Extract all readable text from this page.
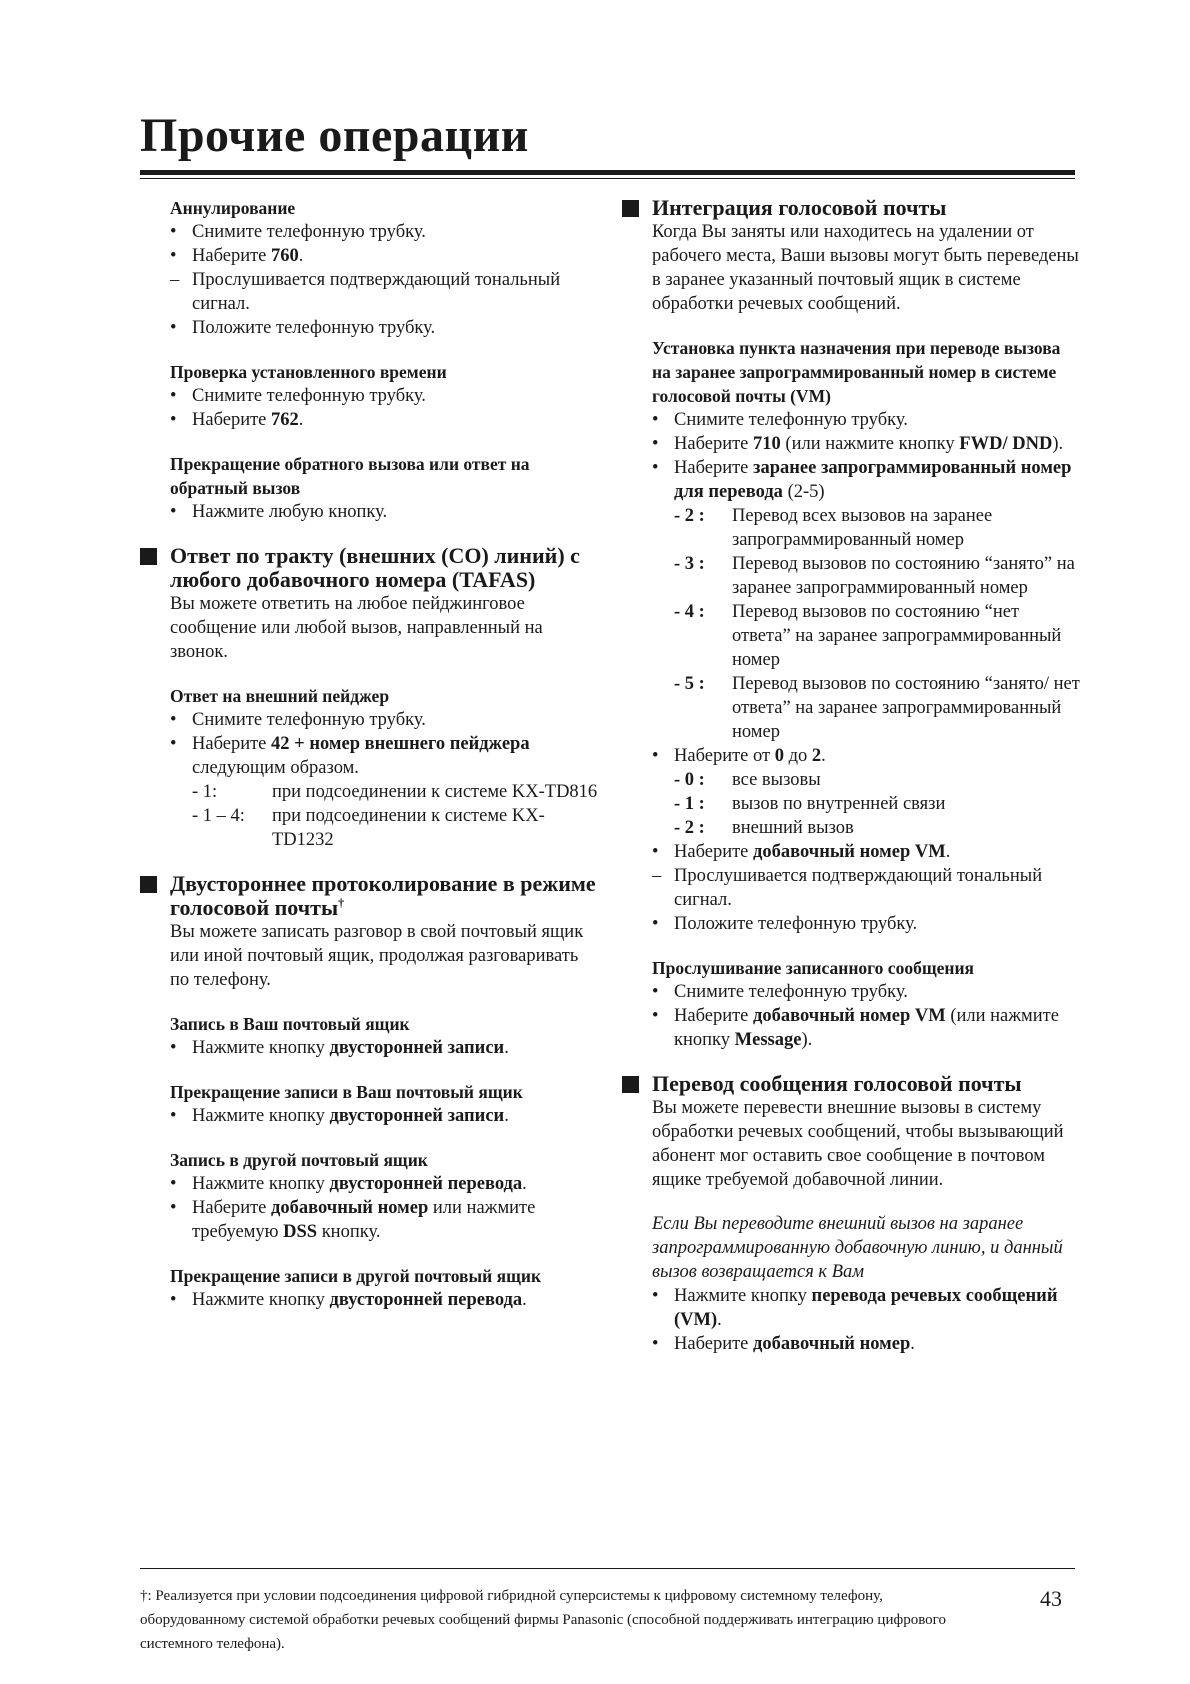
Прочие операции

Аннулирование

• Снимите телефонную трубку.
• Наберите 760.
– Прослушивается подтверждающий тональный сигнал.
• Положите телефонную трубку.

Проверка установленного времени

• Снимите телефонную трубку.
• Наберите 762.

Прекращение обратного вызова или ответ на обратный вызов

• Нажмите любую кнопку.
Ответ по тракту (внешних (CO) линий) с любого добавочного номера (TAFAS)

Вы можете ответить на любое пейджинговое сообщение или любой вызов, направленный на звонок.

Ответ на внешний пейджер

• Снимите телефонную трубку.
• Наберите 42 + номер внешнего пейджера следующим образом.
- 1:	при подсоединении к системе KX-TD816
- 1 – 4: при подсоединении к системе KX-TD1232
Двустороннее протоколирование в режиме голосовой почты†

Вы можете записать разговор в свой почтовый ящик или иной почтовый ящик, продолжая разговаривать по телефону.

Запись в Ваш почтовый ящик

• Нажмите кнопку двусторонней записи.

Прекращение записи в Ваш почтовый ящик

• Нажмите кнопку двусторонней записи.

Запись в другой почтовый ящик

• Нажмите кнопку двусторонней перевода.
• Наберите добавочный номер или нажмите требуемую DSS кнопку.

Прекращение записи в другой почтовый ящик

• Нажмите кнопку двусторонней перевода.
Интеграция голосовой почты

Когда Вы заняты или находитесь на удалении от рабочего места, Ваши вызовы могут быть переведены в заранее указанный почтовый ящик в системе обработки речевых сообщений.

Установка пункта назначения при переводе вызова на заранее запрограммированный номер в системе голосовой почты (VM)

• Снимите телефонную трубку.
• Наберите 710 (или нажмите кнопку FWD/ DND).
• Наберите заранее запрограммированный номер для перевода (2-5)
- 2 : Перевод всех вызовов на заранее запрограммированный номер
- 3 : Перевод вызовов по состоянию “занято” на заранее запрограммированный номер
- 4 : Перевод вызовов по состоянию “нет ответа” на заранее запрограммированный номер
- 5 : Перевод вызовов по состоянию “занято/ нет ответа” на заранее запрограммированный номер
• Наберите от 0 до 2.
- 0 : все вызовы
- 1 : вызов по внутренней связи
- 2 : внешний вызов
• Наберите добавочный номер VM.
– Прослушивается подтверждающий тональный сигнал.
• Положите телефонную трубку.

Прослушивание записанного сообщения

• Снимите телефонную трубку.
• Наберите добавочный номер VM (или нажмите кнопку Message).
Перевод сообщения голосовой почты

Вы можете перевести внешние вызовы в систему обработки речевых сообщений, чтобы вызывающий абонент мог оставить свое сообщение в почтовом ящике требуемой добавочной линии.

Если Вы переводите внешний вызов на заранее запрограммированную добавочную линию, и данный вызов возвращается к Вам

• Нажмите кнопку перевода речевых сообщений (VM).
• Наберите добавочный номер.
†: Реализуется при условии подсоединения цифровой гибридной суперсистемы к цифровому системному телефону, оборудованному системой обработки речевых сообщений фирмы Panasonic (способной поддерживать интеграцию цифрового системного телефона).
43
